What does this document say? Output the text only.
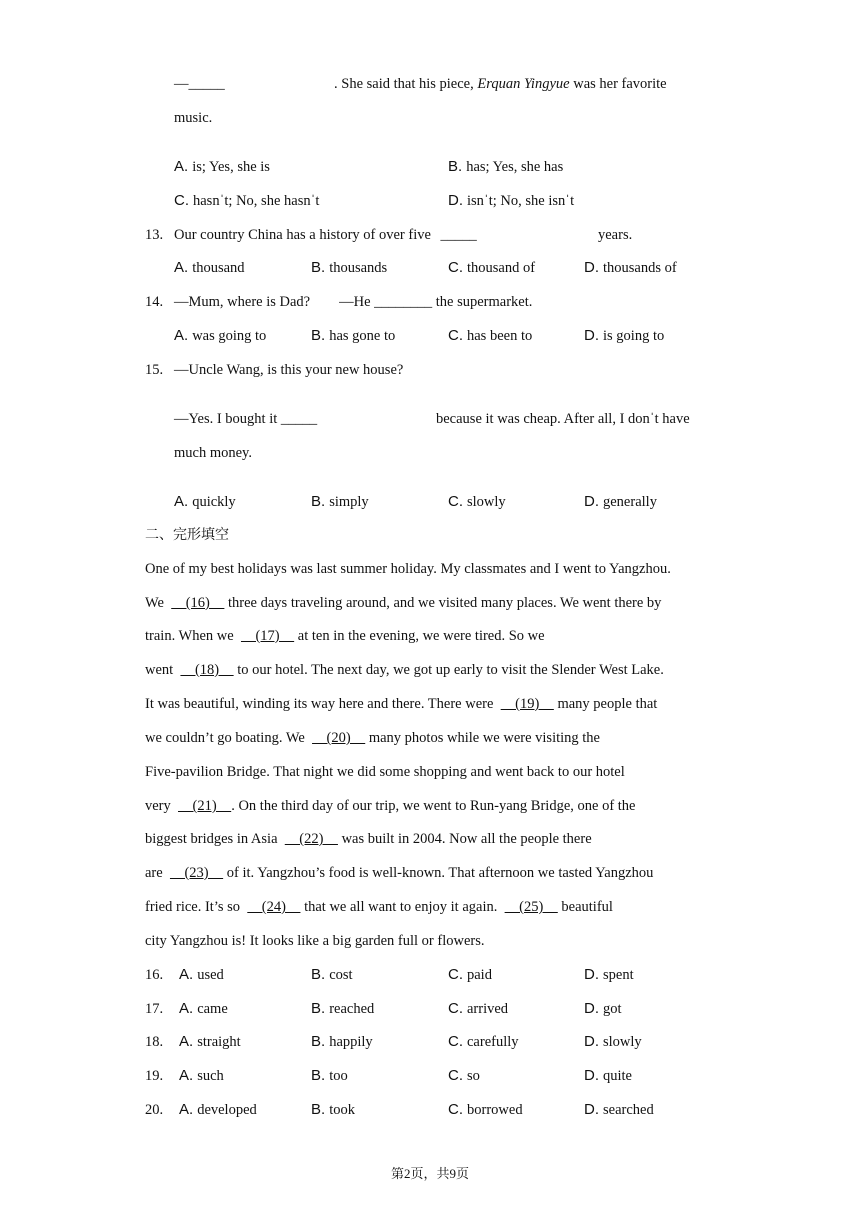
—_____	. She said that his piece, Erquan Yingyue was her favorite
music.
A. is; Yes, she is	B. has; Yes, she has
C. hasnˈt; No, she hasnˈt	D. isnˈt; No, she isnˈt
13. Our country China has a history of over five _____	years.
A. thousand	B. thousands	C. thousand of	D. thousands of
14. —Mum, where is Dad?        —He ________ the supermarket.
A. was going to	B. has gone to	C. has been to	D. is going to
15. —Uncle Wang, is this your new house?
—Yes. I bought it _____	because it was cheap. After all, I donˈt have
much money.
A. quickly	B. simply	C. slowly	D. generally
二、完形填空
One of my best holidays was last summer holiday. My classmates and I went to Yangzhou.
We      (16)     three days traveling around, and we visited many places. We went there by
train. When we      (17)     at ten in the evening, we were tired. So we
went      (18)     to our hotel. The next day, we got up early to visit the Slender West Lake.
It was beautiful, winding its way here and there. There were      (19)     many people that
we couldn’t go boating. We      (20)     many photos while we were visiting the
Five-pavilion Bridge. That night we did some shopping and went back to our hotel
very      (21)    . On the third day of our trip, we went to Run-yang Bridge, one of the
biggest bridges in Asia      (22)     was built in 2004. Now all the people there
are      (23)     of it. Yangzhou’s food is well-known. That afternoon we tasted Yangzhou
fried rice. It’s so      (24)     that we all want to enjoy it again.      (25)     beautiful
city Yangzhou is! It looks like a big garden full or flowers.
16. A. used	B. cost	C. paid	D. spent
17. A. came	B. reached	C. arrived	D. got
18. A. straight	B. happily	C. carefully	D. slowly
19. A. such	B. too	C. so	D. quite
20. A. developed	B. took	C. borrowed	D. searched
第2页，共9页
